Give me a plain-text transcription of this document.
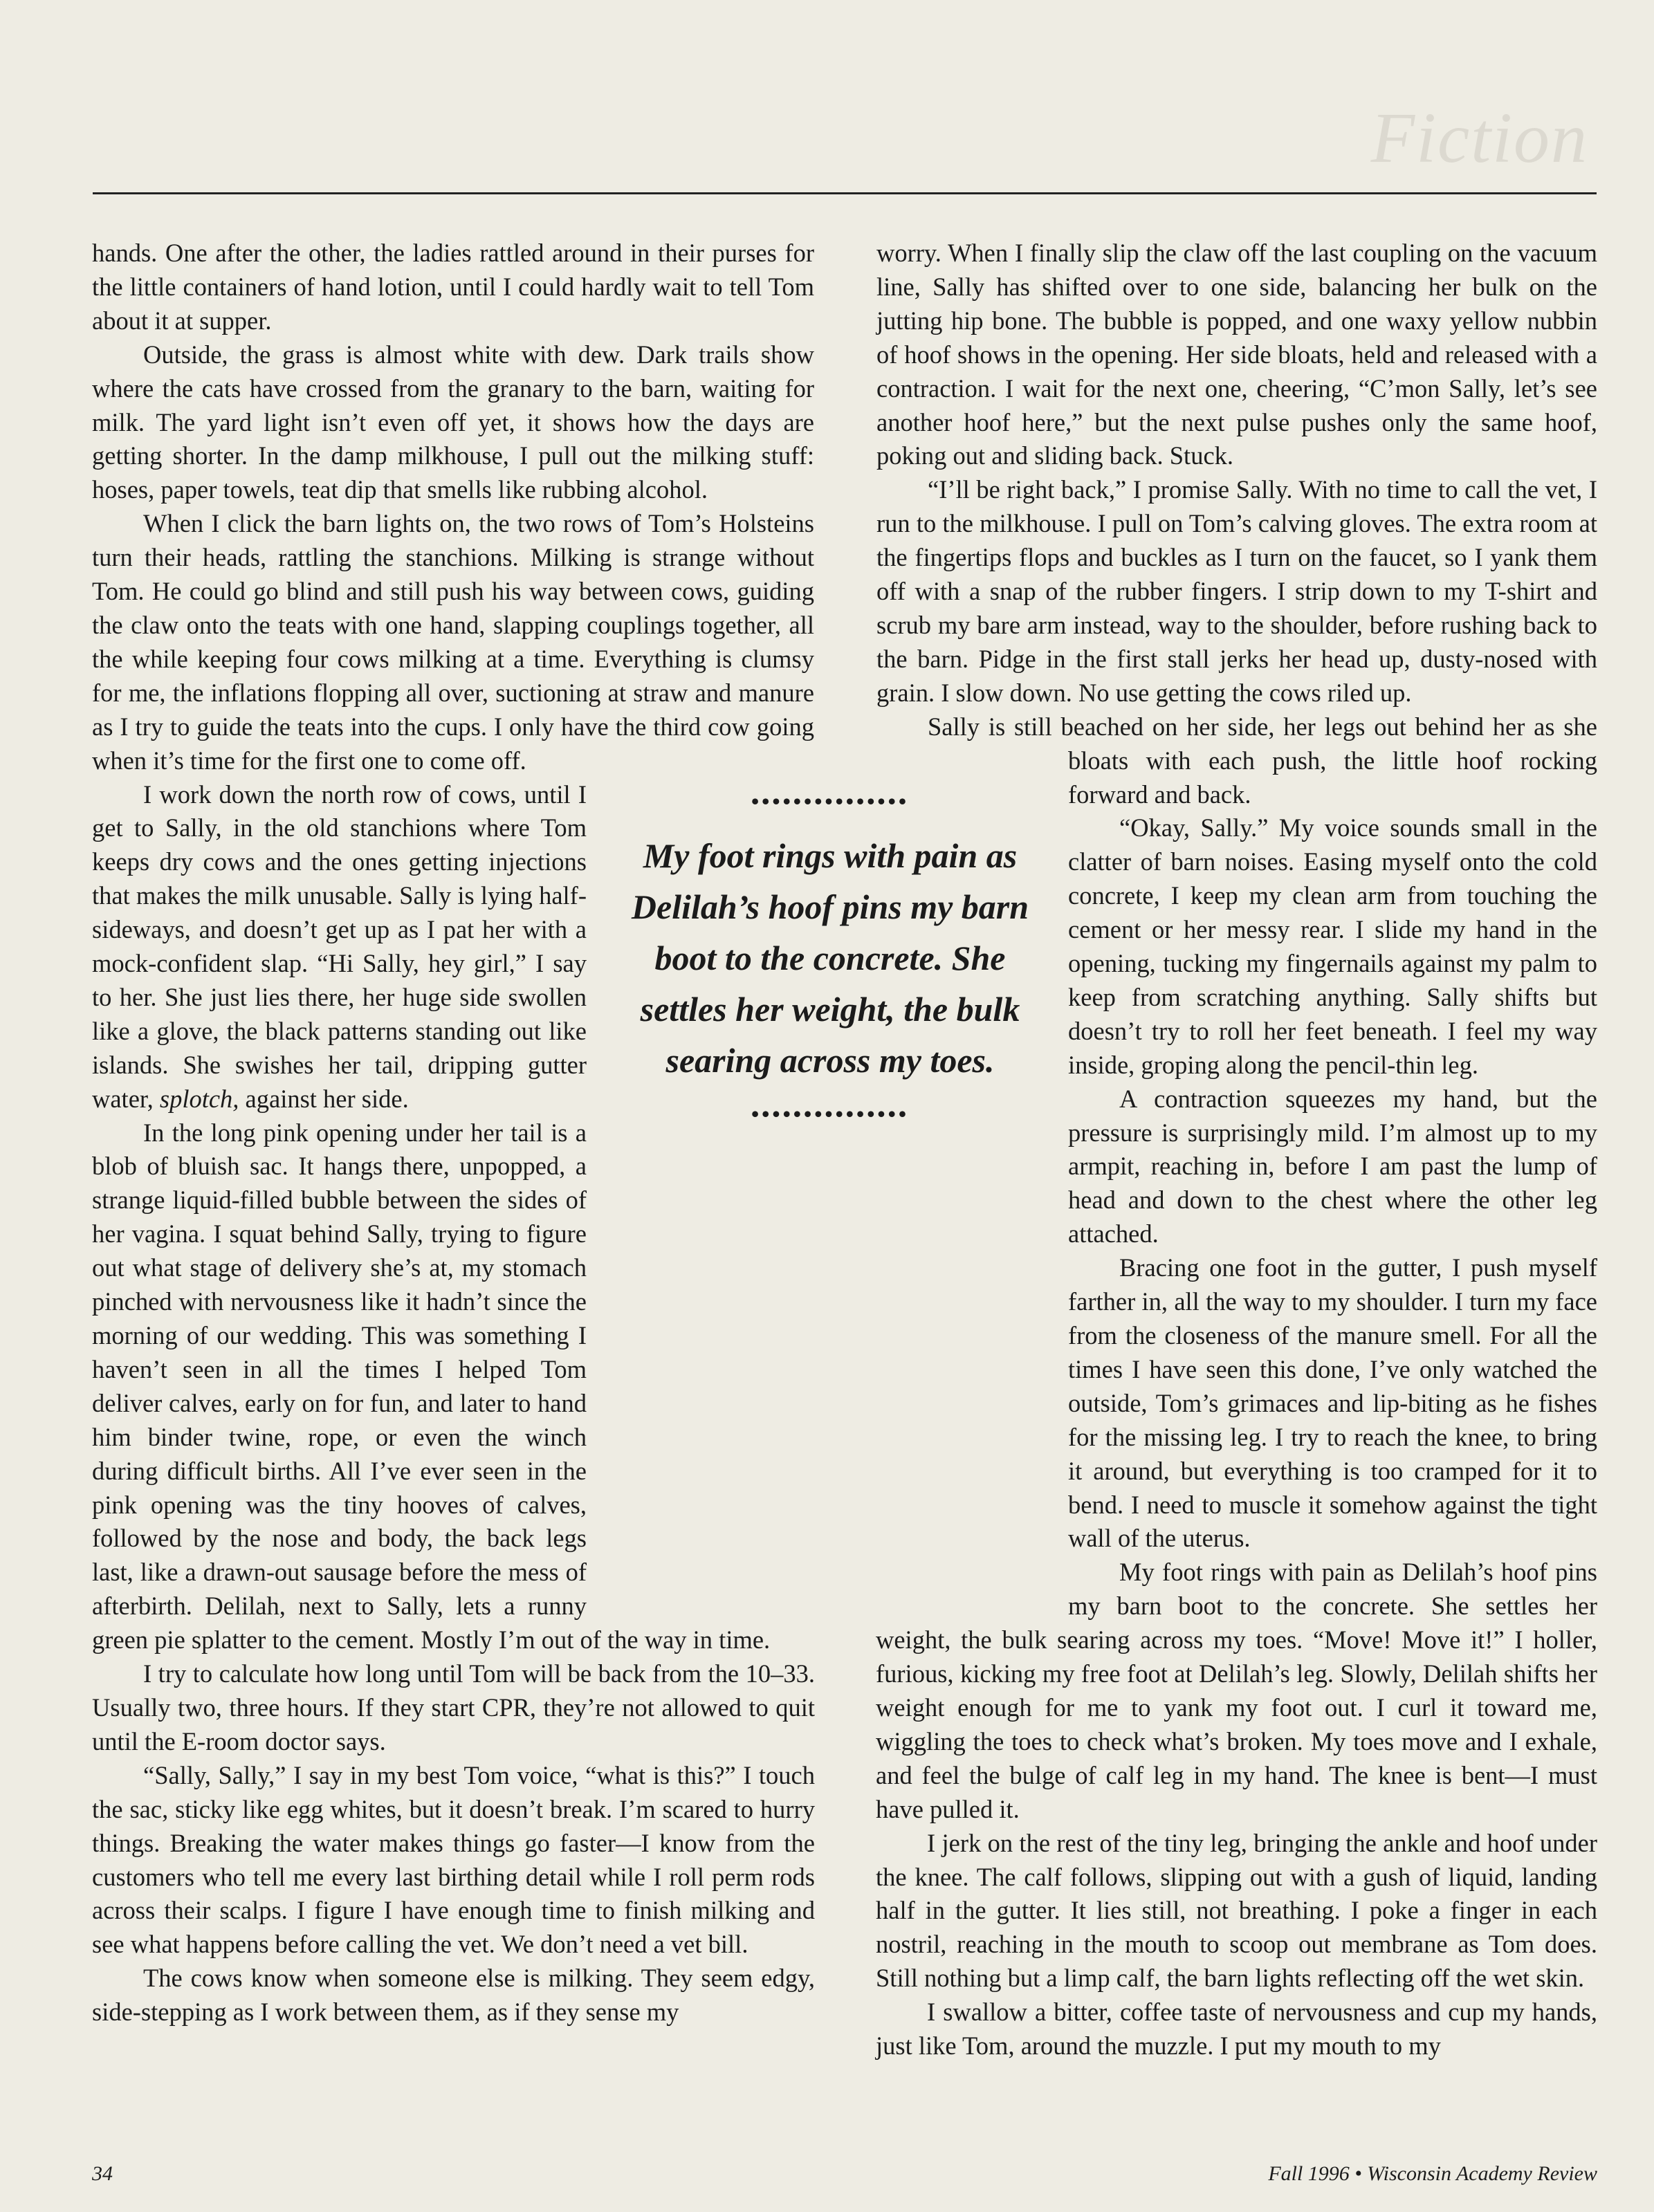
Fiction

hands. One after the other, the ladies rattled around in their purses for the little containers of hand lotion, until I could hardly wait to tell Tom about it at supper.

Outside, the grass is almost white with dew. Dark trails show where the cats have crossed from the granary to the barn, waiting for milk. The yard light isn’t even off yet, it shows how the days are getting shorter. In the damp milkhouse, I pull out the milking stuff: hoses, paper towels, teat dip that smells like rubbing alcohol.

When I click the barn lights on, the two rows of Tom’s Holsteins turn their heads, rattling the stanchions. Milking is strange without Tom. He could go blind and still push his way between cows, guiding the claw onto the teats with one hand, slapping couplings together, all the while keeping four cows milking at a time. Everything is clumsy for me, the inflations flopping all over, suctioning at straw and manure as I try to guide the teats into the cups. I only have the third cow going when it’s time for the first one to come off.

I work down the north row of cows, until I get to Sally, in the old stanchions where Tom keeps dry cows and the ones getting injections that makes the milk unusable. Sally is lying half-sideways, and doesn’t get up as I pat her with a mock-confident slap. “Hi Sally, hey girl,” I say to her. She just lies there, her huge side swollen like a glove, the black patterns standing out like islands. She swishes her tail, dripping gutter water, splotch, against her side.

In the long pink opening under her tail is a blob of bluish sac. It hangs there, unpopped, a strange liquid-filled bubble between the sides of her vagina. I squat behind Sally, trying to figure out what stage of delivery she’s at, my stomach pinched with nervousness like it hadn’t since the morning of our wedding. This was something I haven’t seen in all the times I helped Tom deliver calves, early on for fun, and later to hand him binder twine, rope, or even the winch during difficult births. All I’ve ever seen in the pink opening was the tiny hooves of calves, followed by the nose and body, the back legs last, like a drawn-out sausage before the mess of afterbirth. Delilah, next to Sally, lets a runny green pie splatter to the cement. Mostly I’m out of the way in time.

I try to calculate how long until Tom will be back from the 10–33. Usually two, three hours. If they start CPR, they’re not allowed to quit until the E-room doctor says.

“Sally, Sally,” I say in my best Tom voice, “what is this?” I touch the sac, sticky like egg whites, but it doesn’t break. I’m scared to hurry things. Breaking the water makes things go faster—I know from the customers who tell me every last birthing detail while I roll perm rods across their scalps. I figure I have enough time to finish milking and see what happens before calling the vet. We don’t need a vet bill.

The cows know when someone else is milking. They seem edgy, side-stepping as I work between them, as if they sense my

worry. When I finally slip the claw off the last coupling on the vacuum line, Sally has shifted over to one side, balancing her bulk on the jutting hip bone. The bubble is popped, and one waxy yellow nubbin of hoof shows in the opening. Her side bloats, held and released with a contraction. I wait for the next one, cheering, “C’mon Sally, let’s see another hoof here,” but the next pulse pushes only the same hoof, poking out and sliding back. Stuck.

“I’ll be right back,” I promise Sally. With no time to call the vet, I run to the milkhouse. I pull on Tom’s calving gloves. The extra room at the fingertips flops and buckles as I turn on the faucet, so I yank them off with a snap of the rubber fingers. I strip down to my T-shirt and scrub my bare arm instead, way to the shoulder, before rushing back to the barn. Pidge in the first stall jerks her head up, dusty-nosed with grain. I slow down. No use getting the cows riled up.

Sally is still beached on her side, her legs out behind her as she bloats with each push, the little hoof rocking forward and back.

“Okay, Sally.” My voice sounds small in the clatter of barn noises. Easing myself onto the cold concrete, I keep my clean arm from touching the cement or her messy rear. I slide my hand in the opening, tucking my fingernails against my palm to keep from scratching anything. Sally shifts but doesn’t try to roll her feet beneath. I feel my way inside, groping along the pencil-thin leg.

A contraction squeezes my hand, but the pressure is surprisingly mild. I’m almost up to my armpit, reaching in, before I am past the lump of head and down to the chest where the other leg attached.

Bracing one foot in the gutter, I push myself farther in, all the way to my shoulder. I turn my face from the closeness of the manure smell. For all the times I have seen this done, I’ve only watched the outside, Tom’s grimaces and lip-biting as he fishes for the missing leg. I try to reach the knee, to bring it around, but everything is too cramped for it to bend. I need to muscle it somehow against the tight wall of the uterus.

My foot rings with pain as Delilah’s hoof pins my barn boot to the concrete. She settles her weight, the bulk searing across my toes. “Move! Move it!” I holler, furious, kicking my free foot at Delilah’s leg. Slowly, Delilah shifts her weight enough for me to yank my foot out. I curl it toward me, wiggling the toes to check what’s broken. My toes move and I exhale, and feel the bulge of calf leg in my hand. The knee is bent—I must have pulled it.

I jerk on the rest of the tiny leg, bringing the ankle and hoof under the knee. The calf follows, slipping out with a gush of liquid, landing half in the gutter. It lies still, not breathing. I poke a finger in each nostril, reaching in the mouth to scoop out membrane as Tom does. Still nothing but a limp calf, the barn lights reflecting off the wet skin.

I swallow a bitter, coffee taste of nervousness and cup my hands, just like Tom, around the muzzle. I put my mouth to my

•••••••••••••••
My foot rings with pain as Delilah’s hoof pins my barn boot to the concrete. She settles her weight, the bulk searing across my toes.
•••••••••••••••
34	Fall 1996 • Wisconsin Academy Review
